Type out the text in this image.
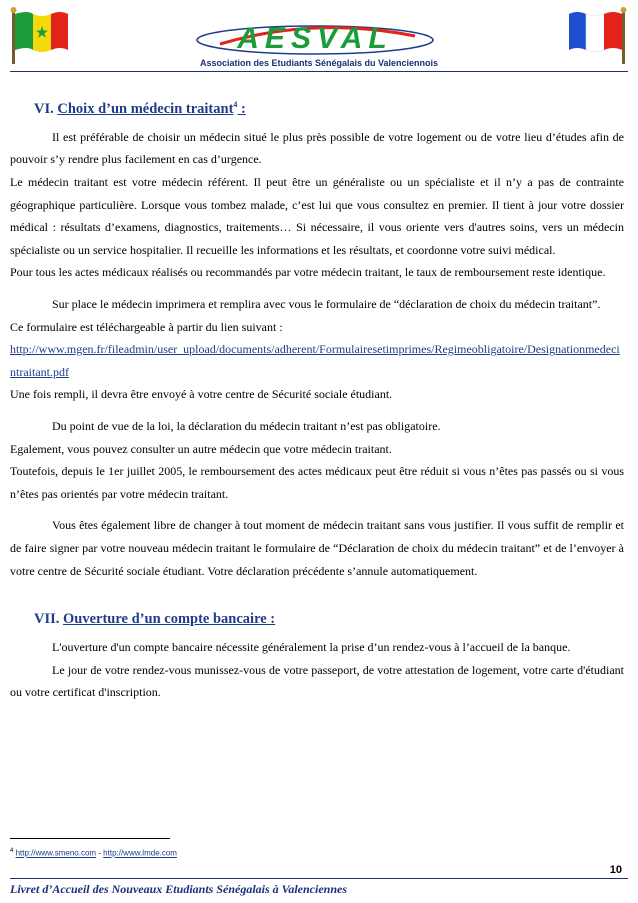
AESVAL
Association des Etudiants Sénégalais du Valenciennois
VI. Choix d’un médecin traitant$^4$ :

Il est préférable de choisir un médecin situé le plus près possible de votre logement ou de votre lieu d’études afin de pouvoir s’y rendre plus facilement en cas d’urgence.

Le médecin traitant est votre médecin référent. Il peut être un généraliste ou un spécialiste et il n’y a pas de contrainte géographique particulière. Lorsque vous tombez malade, c’est lui que vous consultez en premier. Il tient à jour votre dossier médical : résultats d’examens, diagnostics, traitements… Si nécessaire, il vous oriente vers d'autres soins, vers un médecin spécialiste ou un service hospitalier. Il recueille les informations et les résultats, et coordonne votre suivi médical.

Pour tous les actes médicaux réalisés ou recommandés par votre médecin traitant, le taux de remboursement reste identique.

Sur place le médecin imprimera et remplira avec vous le formulaire de “déclaration de choix du médecin traitant”.

Ce formulaire est téléchargeable à partir du lien suivant :

http://www.mgen.fr/fileadmin/user_upload/documents/adherent/Formulairesetimprimes/Regimeobligatoire/Designationmedecintraitant.pdf

Une fois rempli, il devra être envoyé à votre centre de Sécurité sociale étudiant.

Du point de vue de la loi, la déclaration du médecin traitant n’est pas obligatoire.

Egalement, vous pouvez consulter un autre médecin que votre médecin traitant.

Toutefois, depuis le 1er juillet 2005, le remboursement des actes médicaux peut être réduit si vous n’êtes pas passés ou si vous n’êtes pas orientés par votre médecin traitant.

Vous êtes également libre de changer à tout moment de médecin traitant sans vous justifier. Il vous suffit de remplir et de faire signer par votre nouveau médecin traitant le formulaire de “Déclaration de choix du médecin traitant” et de l’envoyer à votre centre de Sécurité sociale étudiant. Votre déclaration précédente s’annule automatiquement.

VII. Ouverture d’un compte bancaire :

L'ouverture d'un compte bancaire nécessite généralement la prise d’un rendez-vous à l’accueil de la banque.

Le jour de votre rendez-vous munissez-vous de votre passeport, de votre attestation de logement, votre carte d'étudiant ou votre certificat d'inscription.

$^4$ http://www.smeno.com - http://www.lmde.com
10
Livret d’Accueil des Nouveaux Etudiants Sénégalais à Valenciennes
